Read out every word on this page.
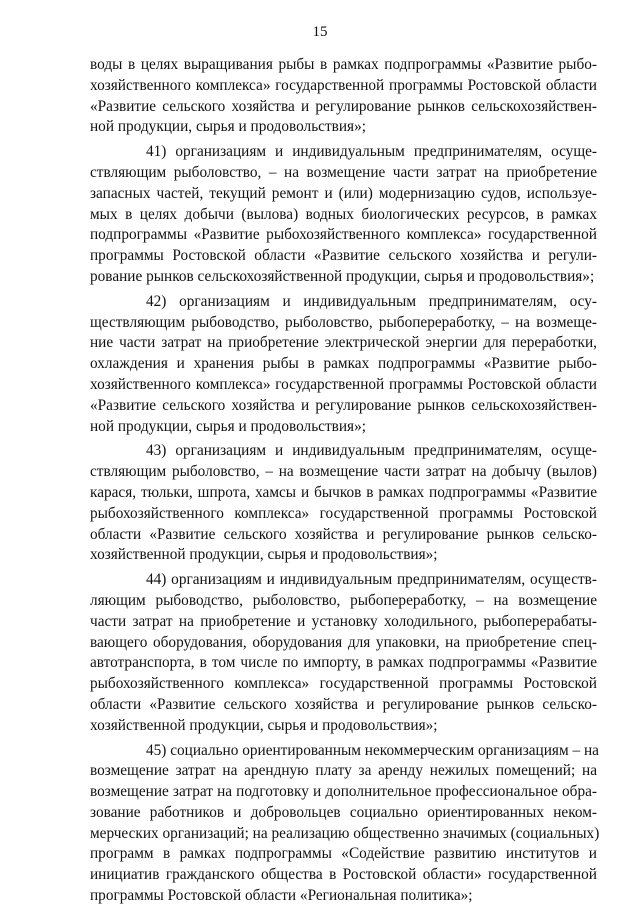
15
воды в целях выращивания рыбы в рамках подпрограммы «Развитие рыбо-
хозяйственного комплекса» государственной программы Ростовской области
«Развитие сельского хозяйства и регулирование рынков сельскохозяйствен-
ной продукции, сырья и продовольствия»;
41) организациям и индивидуальным предпринимателям, осуще-
ствляющим рыболовство, – на возмещение части затрат на приобретение
запасных частей, текущий ремонт и (или) модернизацию судов, используе-
мых в целях добычи (вылова) водных биологических ресурсов, в рамках
подпрограммы «Развитие рыбохозяйственного комплекса» государственной
программы Ростовской области «Развитие сельского хозяйства и регули-
рование рынков сельскохозяйственной продукции, сырья и продовольствия»;
42) организациям и индивидуальным предпринимателям, осу-
ществляющим рыбоводство, рыболовство, рыбопереработку, – на возмеще-
ние части затрат на приобретение электрической энергии для переработки,
охлаждения и хранения рыбы в рамках подпрограммы «Развитие рыбо-
хозяйственного комплекса» государственной программы Ростовской области
«Развитие сельского хозяйства и регулирование рынков сельскохозяйствен-
ной продукции, сырья и продовольствия»;
43) организациям и индивидуальным предпринимателям, осуще-
ствляющим рыболовство, – на возмещение части затрат на добычу (вылов)
карася, тюльки, шпрота, хамсы и бычков в рамках подпрограммы «Развитие
рыбохозяйственного комплекса» государственной программы Ростовской
области «Развитие сельского хозяйства и регулирование рынков сельско-
хозяйственной продукции, сырья и продовольствия»;
44) организациям и индивидуальным предпринимателям, осуществ-
ляющим рыбоводство, рыболовство, рыбопереработку, – на возмещение
части затрат на приобретение и установку холодильного, рыбоперерабаты-
вающего оборудования, оборудования для упаковки, на приобретение спец-
автотранспорта, в том числе по импорту, в рамках подпрограммы «Развитие
рыбохозяйственного комплекса» государственной программы Ростовской
области «Развитие сельского хозяйства и регулирование рынков сельско-
хозяйственной продукции, сырья и продовольствия»;
45) социально ориентированным некоммерческим организациям – на
возмещение затрат на арендную плату за аренду нежилых помещений; на
возмещение затрат на подготовку и дополнительное профессиональное обра-
зование работников и добровольцев социально ориентированных неком-
мерческих организаций; на реализацию общественно значимых (социальных)
программ в рамках подпрограммы «Содействие развитию институтов и
инициатив гражданского общества в Ростовской области» государственной
программы Ростовской области «Региональная политика»;
